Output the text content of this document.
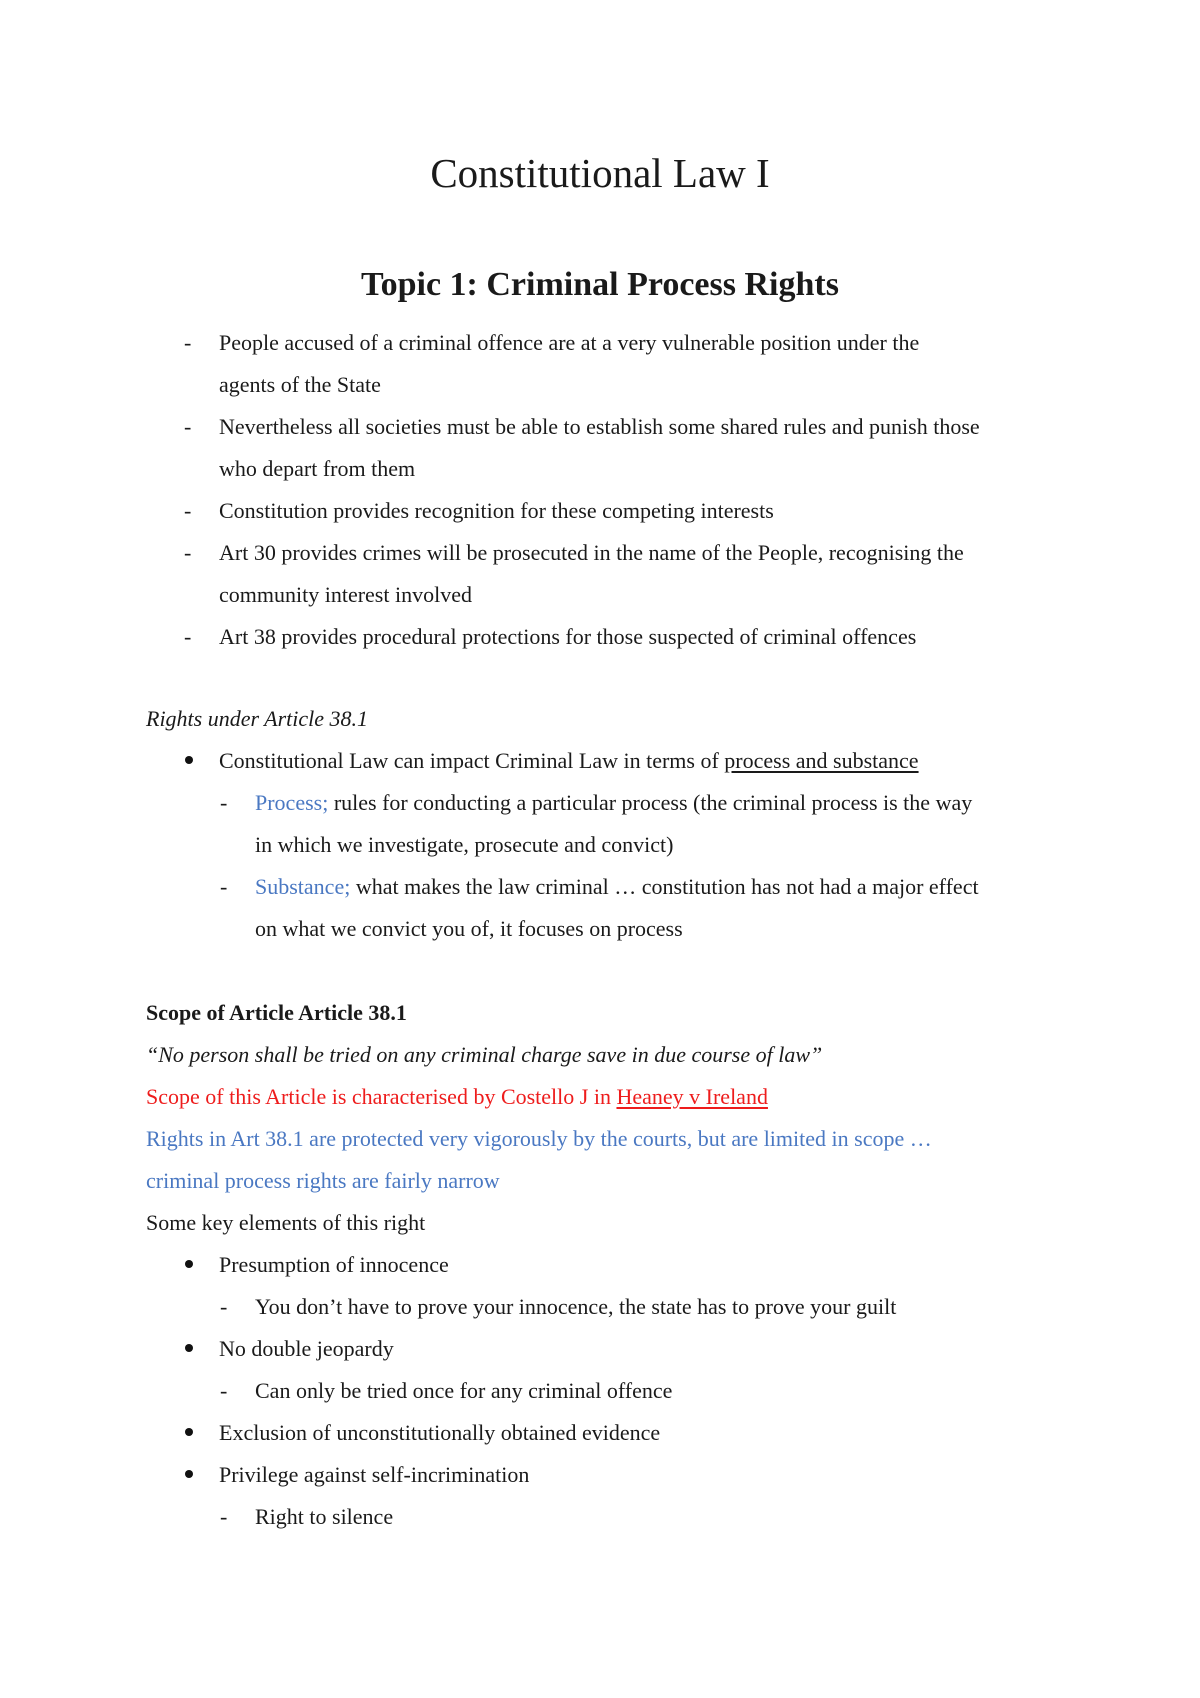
Constitutional Law I
Topic 1: Criminal Process Rights
- People accused of a criminal offence are at a very vulnerable position under the
agents of the State
- Nevertheless all societies must be able to establish some shared rules and punish those
who depart from them
- Constitution provides recognition for these competing interests
- Art 30 provides crimes will be prosecuted in the name of the People, recognising the
community interest involved
- Art 38 provides procedural protections for those suspected of criminal offences
Rights under Article 38.1
Constitutional Law can impact Criminal Law in terms of process and substance
- Process; rules for conducting a particular process (the criminal process is the way
in which we investigate, prosecute and convict)
- Substance; what makes the law criminal … constitution has not had a major effect
on what we convict you of, it focuses on process
Scope of Article Article 38.1
“No person shall be tried on any criminal charge save in due course of law”
Scope of this Article is characterised by Costello J in Heaney v Ireland
Rights in Art 38.1 are protected very vigorously by the courts, but are limited in scope …
criminal process rights are fairly narrow
Some key elements of this right
Presumption of innocence
- You don’t have to prove your innocence, the state has to prove your guilt
No double jeopardy
- Can only be tried once for any criminal offence
Exclusion of unconstitutionally obtained evidence
Privilege against self-incrimination
- Right to silence
